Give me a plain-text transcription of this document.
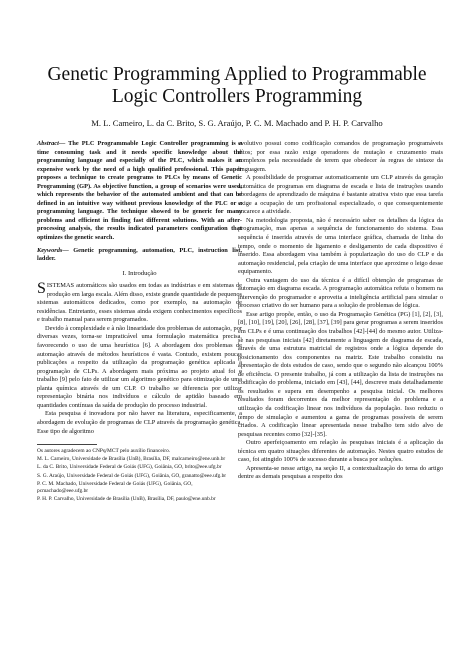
Genetic Programming Applied to Programmable
Logic Controllers Programming
M. L. Cameiro, L. da C. Brito, S. G. Araújo, P. C. M. Machado and P. H. P. Carvalho

Abstract— The PLC Programmable Logic Controller programming is a time consuming task and it needs specific knowledge about the programming language and especially of the PLC, which makes it an expensive work by the need of a high qualified professional. This paper proposes a technique to create programs to PLCs by means of Genetic Programming (GP). As objective function, a group of scenarios were used, which represents the behavior of the automated ambient and that can be defined in an intuitive way without previous knowledge of the PLC or a programming language. The technique showed to be generic for many problems and efficient in finding fast different solutions. With an after-processing analysis, the results indicated parameters configuration that optimizes the genetic search.

Keywords— Genetic programming, automation, PLC, instruction list, ladder.

I. Introdução

SISTEMAS automáticos são usados em todas as indústrias e em sistemas de produção em larga escala. Além disso, existe grande quantidade de pequenos sistemas automáticos dedicados, como por exemplo, na automação de residências. Entretanto, esses sistemas ainda exigem conhecimentos específicos e trabalho manual para serem programados.

Devido à complexidade e à não linearidade dos problemas de automação, por diversas vezes, torna-se impraticável uma formulação matemática precisa, favorecendo o uso de uma heurística [6]. A abordagem dos problemas de automação através de métodos heurísticos é vasta. Contudo, existem poucas publicações a respeito da utilização da programação genética aplicada à programação de CLPs. A abordagem mais próxima ao projeto atual foi o trabalho [9] pelo fato de utilizar um algoritmo genético para otimização de uma planta química através de um CLP. O trabalho se diferencia por utilizar representação binária nos indivíduos e cálculo de aptidão baseado em quantidades contínuas da saída de produção do processo industrial.

Esta pesquisa é inovadora por não haver na literatura, especificamente, a abordagem de evolução de programas de CLP através da programação genética. Esse tipo de algoritmo

Os autores agradecem ao CNPq/MCT pelo auxílio financeiro.

M. L. Carneiro, Universidade de Brasília (UnB), Brasília, DF, malcarneiro@ene.unb.br

L. da C. Brito, Universidade Federal de Goiás (UFG), Goiânia, GO, brito@eee.ufg.br

S. G. Araújo, Universidade Federal de Goiás (UFG), Goiânia, GO, granatto@eee.ufg.br

P. C. M. Machado, Universidade Federal de Goiás (UFG), Goiânia, GO, pcmachado@eee.ufg.br

P. H. P. Carvalho, Universidade de Brasília (UnB), Brasília, DF, paulo@ene.unb.br

evolutivo possui como codificação comandos de programação programáveis dítos; por essa razão exige operadores de mutação e cruzamento mais complexos pela necessidade de terem que obedecer às regras de sintaxe da linguagem.

A possibilidade de programar automaticamente um CLP através da geração automática de programas em diagrama de escada e lista de instruções usando abordagens de aprendizado de máquina é bastante atrativa visto que essa tarefa exige a ocupação de um profissional especializado, o que consequentemente encarece a atividade.

Na metodologia proposta, não é necessário saber os detalhes da lógica da programação, mas apenas a sequência de funcionamento do sistema. Essa sequência é inserida através de uma interface gráfica, chamada de linha do tempo, onde o momento de ligamento e desligamento de cada dispositivo é inserido. Essa abordagem visa também à popularização do uso do CLP e da automação residencial, pela criação de uma interface que aproxime o leigo desse equipamento.

Outra vantagem do uso da técnica é a difícil obtenção de programas de automação em diagrama escada. A programação automática refuta o homem na intervenção do programador e aproveita a inteligência artificial para simular o processo criativo do ser humano para a solução de problemas de lógica.

Esse artigo propõe, então, o uso da Programação Genética (PG) [1], [2], [3], [8], [10], [19], [20], [26], [28], [37], [39] para gerar programas a serem inseridos em CLPs e é uma continuação dos trabalhos [42]-[44] do mesmo autor. Utiliza-se nas pesquisas iniciais [42] diretamente a linguagem de diagrama de escada, através de uma estrutura matricial de registros onde a lógica depende do posicionamento dos componentes na matriz. Este trabalho consistiu na apresentação de dois estudos de caso, sendo que o segundo não alcançou 100% de eficiência. O presente trabalho, já com a utilização da lista de instruções na codificação do problema, iniciado em [43], [44], descreve mais detalhadamente os resultados e supera em desempenho a pesquisa inicial. Os melhores resultados foram decorrentes da melhor representação do problema e a utilização da codificação linear nos indivíduos da população. Isso reduziu o tempo de simulação e aumentou a gama de programas possíveis de serem criados. A codificação linear apresentada nesse trabalho tem sido alvo de pesquisas recentes como [32]-[35].

Outro aperfeiçoamento em relação às pesquisas iniciais é a aplicação da técnica em quatro situações diferentes de automação. Nestes quatro estudos de caso, foi atingido 100% de sucesso durante a busca por soluções.

Apresenta-se nesse artigo, na seção II, a contextualização do tema do artigo dentre as demais pesquisas a respeito dos
